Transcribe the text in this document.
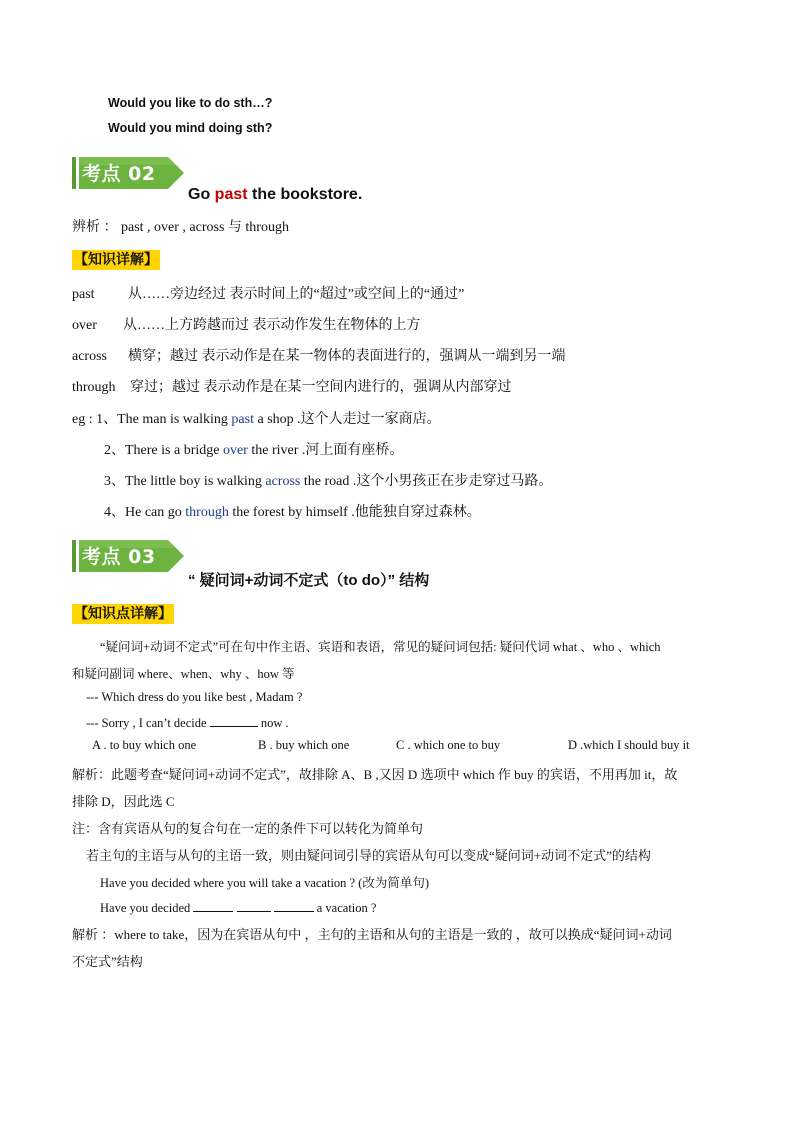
Would you like to do sth…?
Would you mind doing sth?
考点 02
Go past the bookstore.
辨析 ： past , over , across 与 through
【知识详解】
past 从……旁边经过 表示时间上的“超过”或空间上的“通过”
over 从……上方跨越而过 表示动作发生在物体的上方
across 横穿；越过 表示动作是在某一物体的表面进行的，强调从一端到另一端
through 穿过；越过 表示动作是在某一空间内进行的，强调从内部穿过
eg : 1、The man is walking past a shop .这个人走过一家商店。
2、There is a bridge over the river .河上面有座桥。
3、The little boy is walking across the road .这个小男孩正在步走穿过马路。
4、He can go through the forest by himself .他能独自穿过森林。
考点 03
“ 疑问词+动词不定式（to do）” 结构
【知识点详解】
“疑问词+动词不定式”可在句中作主语、宾语和表语，常见的疑问词包括: 疑问代词 what 、who 、which
和疑问副词 where、when、why 、how 等
--- Which dress do you like best , Madam ?
--- Sorry , I can’t decide	now .
A . to buy which one	B . buy which one	C . which one to buy	D .which I should buy it
解析：此题考查“疑问词+动词不定式”，故排除 A、B ,又因 D 选项中 which 作 buy 的宾语，不用再加 it，故
排除 D，因此选 C
注：含有宾语从句的复合句在一定的条件下可以转化为简单句
若主句的主语与从句的主语一致，则由疑问词引导的宾语从句可以变成“疑问词+动词不定式”的结构
Have you decided where you will take a vacation ? (改为简单句)
Have you decided	a vacation ?
解析 ：where to take，因为在宾语从句中 ，主句的主语和从句的主语是一致的 ，故可以换成“疑问词+动词
不定式”结构
